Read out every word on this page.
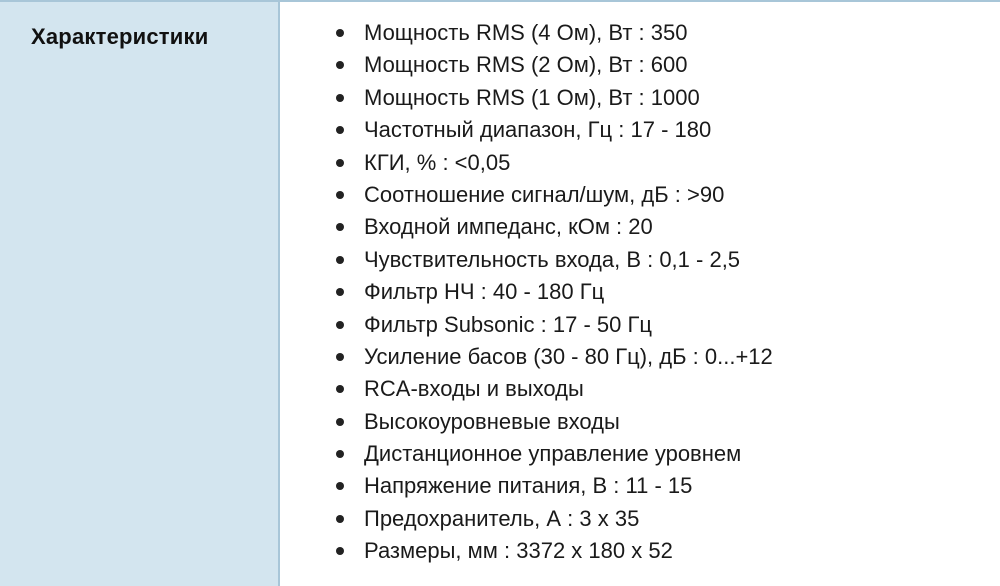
Характеристики	Мощность RMS (4 Ом), Вт : 350
Мощность RMS (2 Ом), Вт : 600
Мощность RMS (1 Ом), Вт : 1000
Частотный диапазон, Гц : 17 - 180
КГИ, % : <0,05
Соотношение сигнал/шум, дБ : >90
Входной импеданс, кОм : 20
Чувствительность входа, В : 0,1 - 2,5
Фильтр НЧ : 40 - 180 Гц
Фильтр Subsonic : 17 - 50 Гц
Усиление басов (30 - 80 Гц), дБ : 0...+12
RCA-входы и выходы
Высокоуровневые входы
Дистанционное управление уровнем
Напряжение питания, В : 11 - 15
Предохранитель, А : 3 х 35
Размеры, мм : 3372 х 180 х 52
